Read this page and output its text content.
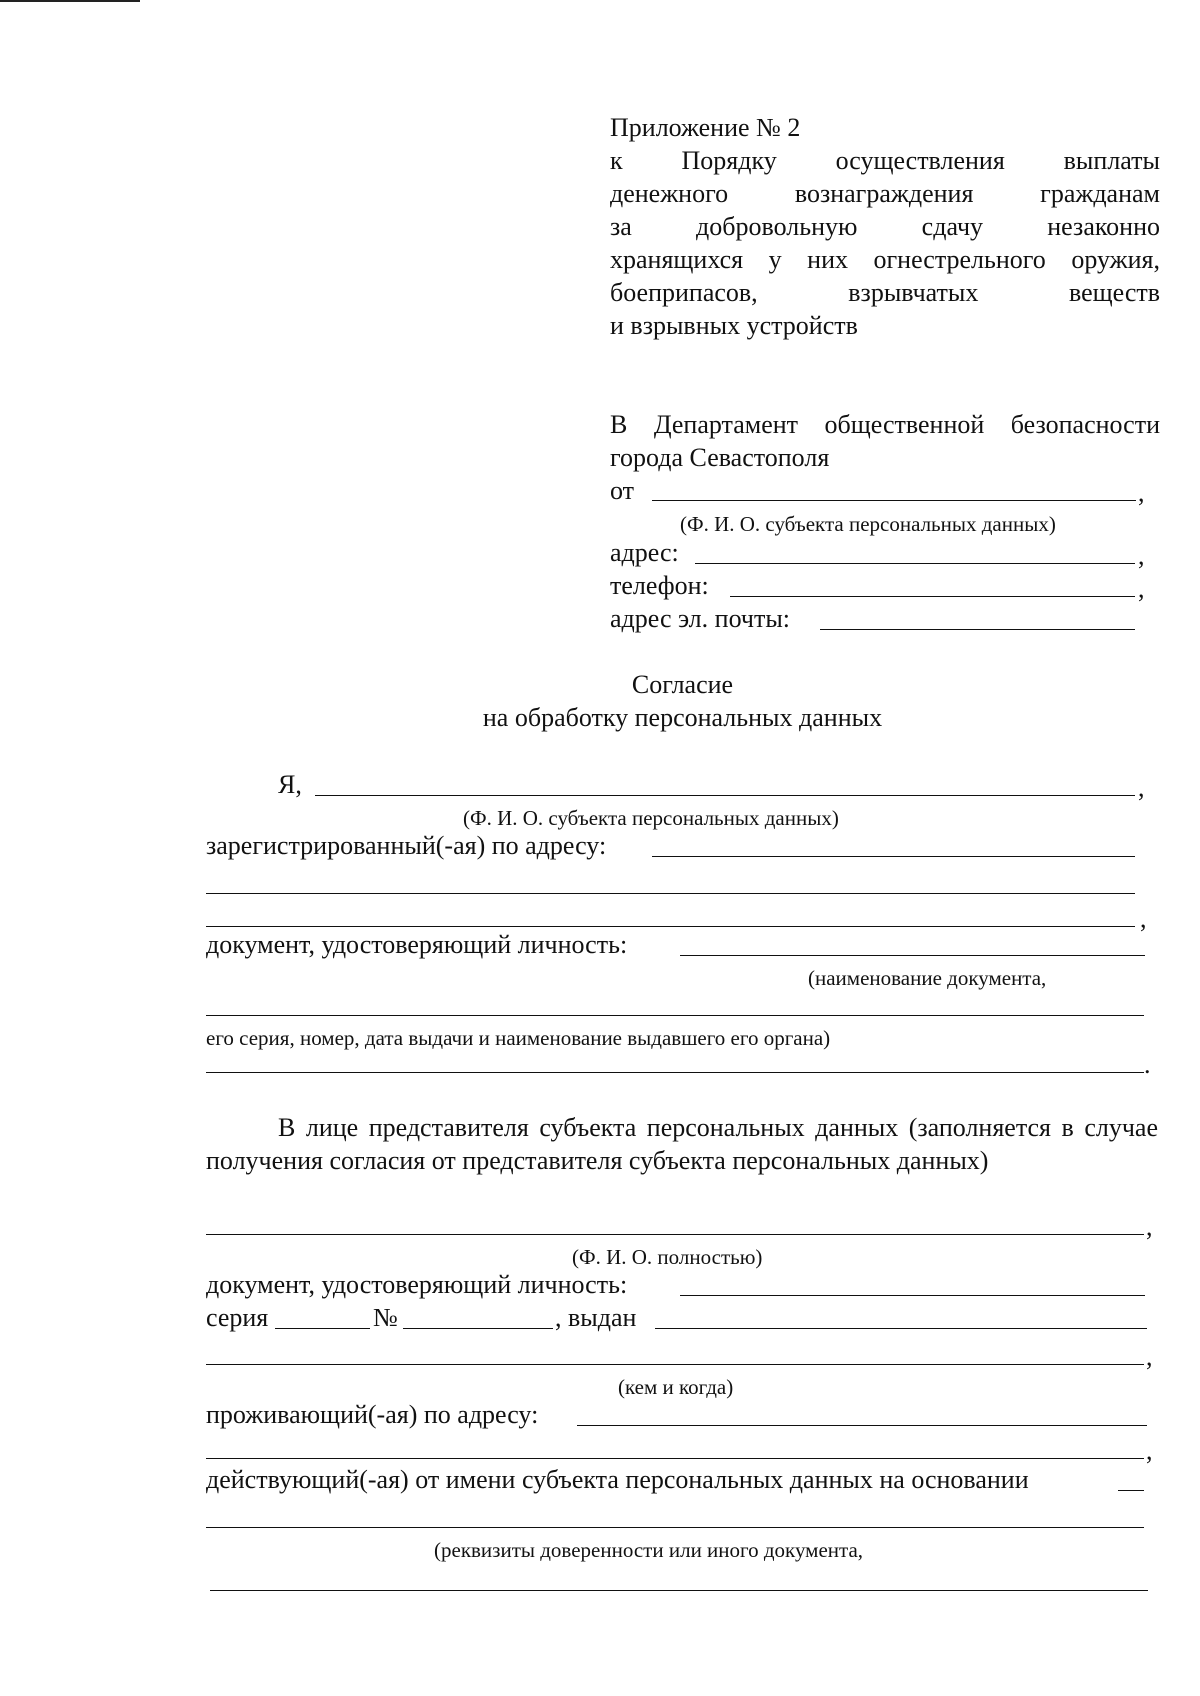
Приложение № 2
к Порядку осуществления выплаты
денежного вознаграждения гражданам
за добровольную сдачу незаконно
хранящихся у них огнестрельного оружия,
боеприпасов, взрывчатых веществ
и взрывных устройств
В Департамент общественной безопасности
города Севастополя
от	,
(Ф. И. О. субъекта персональных данных)
адрес:	,
телефон:	,
адрес эл. почты:
Согласие
на обработку персональных данных
Я,	,
(Ф. И. О. субъекта персональных данных)
зарегистрированный(-ая) по адресу:
,
документ, удостоверяющий личность:
(наименование документа,
его серия, номер, дата выдачи и наименование выдавшего его органа)
.
В лице представителя субъекта персональных данных (заполняется в случае получения согласия от представителя субъекта персональных данных)
,
(Ф. И. О. полностью)
документ, удостоверяющий личность:
серия	№	, выдан
,
(кем и когда)
проживающий(-ая) по адресу:
,
действующий(-ая) от имени субъекта персональных данных на основании
(реквизиты доверенности или иного документа,
